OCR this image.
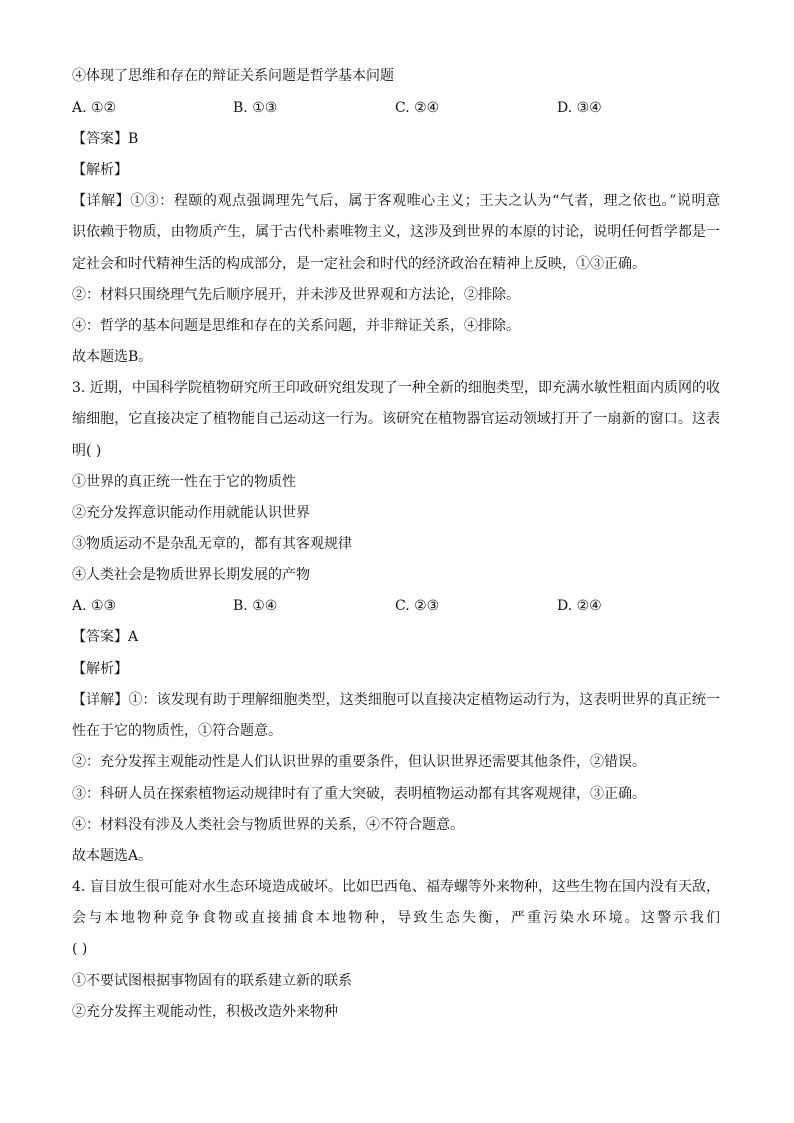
④体现了思维和存在的辩证关系问题是哲学基本问题
A. ①②	B. ①③	C. ②④	D. ③④
【答案】B
【解析】
【详解】①③：程颐的观点强调理先气后，属于客观唯心主义；王夫之认为“气者，理之依也。”说明意
识依赖于物质，由物质产生，属于古代朴素唯物主义，这涉及到世界的本原的讨论，说明任何哲学都是一
定社会和时代精神生活的构成部分，是一定社会和时代的经济政治在精神上反映，①③正确。
②：材料只围绕理气先后顺序展开，并未涉及世界观和方法论，②排除。
④：哲学的基本问题是思维和存在的关系问题，并非辩证关系，④排除。
故本题选B。
3. 近期，中国科学院植物研究所王印政研究组发现了一种全新的细胞类型，即充满水敏性粗面内质网的收
缩细胞，它直接决定了植物能自己运动这一行为。该研究在植物器官运动领域打开了一扇新的窗口。这表
明( )
①世界的真正统一性在于它的物质性
②充分发挥意识能动作用就能认识世界
③物质运动不是杂乱无章的，都有其客观规律
④人类社会是物质世界长期发展的产物
A. ①③	B. ①④	C. ②③	D. ②④
【答案】A
【解析】
【详解】①：该发现有助于理解细胞类型，这类细胞可以直接决定植物运动行为，这表明世界的真正统一
性在于它的物质性，①符合题意。
②：充分发挥主观能动性是人们认识世界的重要条件，但认识世界还需要其他条件，②错误。
③：科研人员在探索植物运动规律时有了重大突破，表明植物运动都有其客观规律，③正确。
④：材料没有涉及人类社会与物质世界的关系，④不符合题意。
故本题选A。
4. 盲目放生很可能对水生态环境造成破坏。比如巴西龟、福寿螺等外来物种，这些生物在国内没有天敌，
会与本地物种竞争食物或直接捕食本地物种，导致生态失衡，严重污染水环境。这警示我们
( )
①不要试图根据事物固有的联系建立新的联系
②充分发挥主观能动性，积极改造外来物种
